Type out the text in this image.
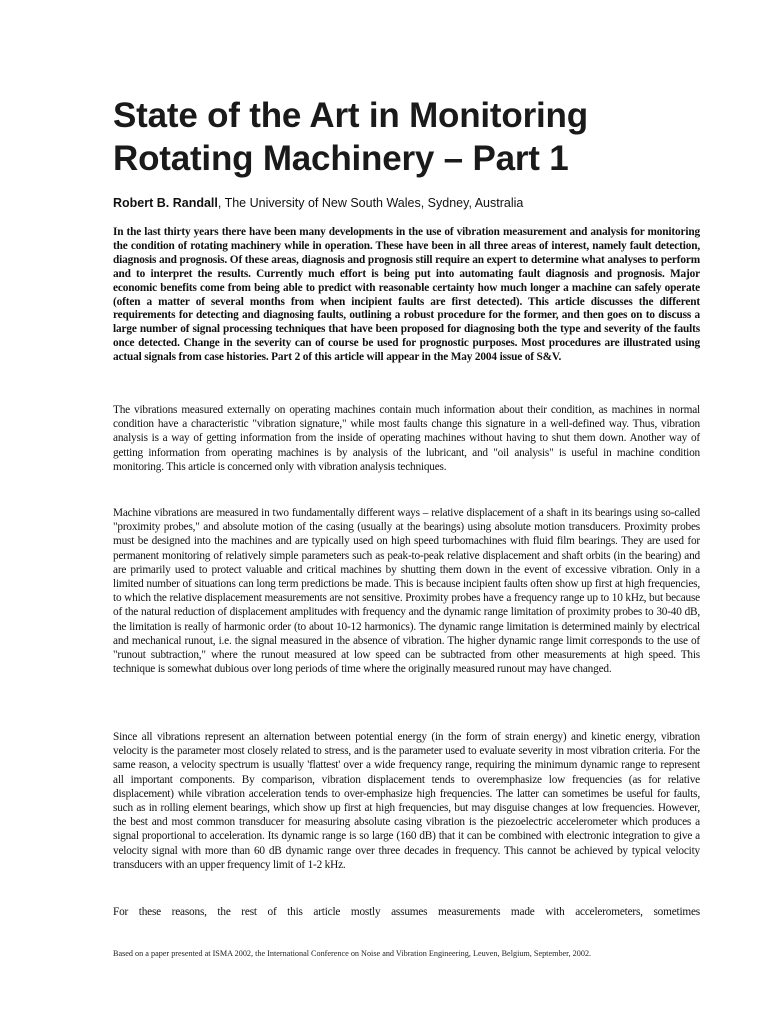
State of the Art in Monitoring
Rotating Machinery – Part 1
Robert B. Randall, The University of New South Wales, Sydney, Australia

In the last thirty years there have been many developments in the use of vibration measurement and analysis for monitoring the condition of rotating machinery while in operation. These have been in all three areas of interest, namely fault detection, diagnosis and prognosis. Of these areas, diagnosis and prognosis still require an expert to determine what analyses to perform and to interpret the results. Currently much effort is being put into automating fault diagnosis and prognosis. Major economic benefits come from being able to predict with reasonable certainty how much longer a machine can safely operate (often a matter of several months from when incipient faults are first detected). This article discusses the different requirements for detecting and diagnosing faults, outlining a robust procedure for the former, and then goes on to discuss a large number of signal processing techniques that have been proposed for diagnosing both the type and severity of the faults once detected. Change in the severity can of course be used for prognostic purposes. Most procedures are illustrated using actual signals from case histories. Part 2 of this article will appear in the May 2004 issue of S&V.

The vibrations measured externally on operating machines contain much information about their condition, as machines in normal condition have a characteristic "vibration signature," while most faults change this signature in a well-defined way. Thus, vibration analysis is a way of getting information from the inside of operating machines without having to shut them down. Another way of getting information from operating machines is by analysis of the lubricant, and "oil analysis" is useful in machine condition monitoring. This article is concerned only with vibration analysis techniques.

Machine vibrations are measured in two fundamentally different ways – relative displacement of a shaft in its bearings using so-called "proximity probes," and absolute motion of the casing (usually at the bearings) using absolute motion transducers. Proximity probes must be designed into the machines and are typically used on high speed turbomachines with fluid film bearings. They are used for permanent monitoring of relatively simple parameters such as peak-to-peak relative displacement and shaft orbits (in the bearing) and are primarily used to protect valuable and critical machines by shutting them down in the event of excessive vibration. Only in a limited number of situations can long term predictions be made. This is because incipient faults often show up first at high frequencies, to which the relative displacement measurements are not sensitive. Proximity probes have a frequency range up to 10 kHz, but because of the natural reduction of displacement amplitudes with frequency and the dynamic range limitation of proximity probes to 30-40 dB, the limitation is really of harmonic order (to about 10-12 harmonics). The dynamic range limitation is determined mainly by electrical and mechanical runout, i.e. the signal measured in the absence of vibration. The higher dynamic range limit corresponds to the use of "runout subtraction," where the runout measured at low speed can be subtracted from other measurements at high speed. This technique is somewhat dubious over long periods of time where the originally measured runout may have changed.

Since all vibrations represent an alternation between potential energy (in the form of strain energy) and kinetic energy, vibration velocity is the parameter most closely related to stress, and is the parameter used to evaluate severity in most vibration criteria. For the same reason, a velocity spectrum is usually 'flattest' over a wide frequency range, requiring the minimum dynamic range to represent all important components. By comparison, vibration displacement tends to overemphasize low frequencies (as for relative displacement) while vibration acceleration tends to over-emphasize high frequencies. The latter can sometimes be useful for faults, such as in rolling element bearings, which show up first at high frequencies, but may disguise changes at low frequencies. However, the best and most common transducer for measuring absolute casing vibration is the piezoelectric accelerometer which produces a signal proportional to acceleration. Its dynamic range is so large (160 dB) that it can be combined with electronic integration to give a velocity signal with more than 60 dB dynamic range over three decades in frequency. This cannot be achieved by typical velocity transducers with an upper frequency limit of 1-2 kHz.

For these reasons, the rest of this article mostly assumes measurements made with accelerometers, sometimes

Based on a paper presented at ISMA 2002, the International Conference on Noise and Vibration Engineering, Leuven, Belgium, September, 2002.
